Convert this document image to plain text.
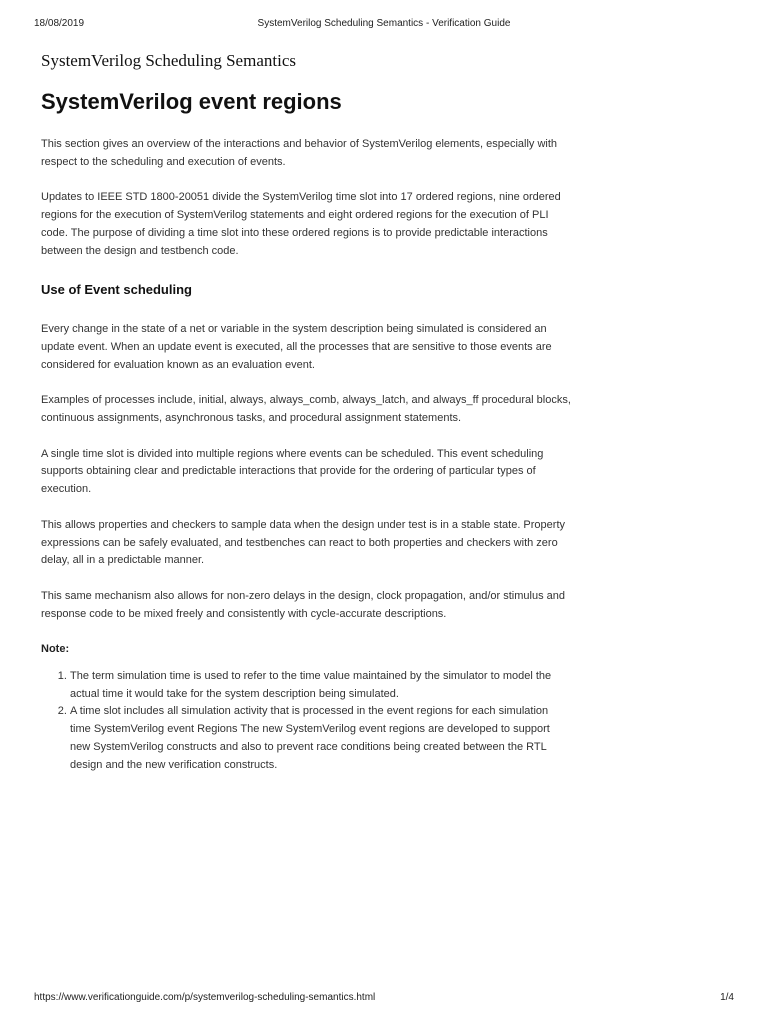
18/08/2019	SystemVerilog Scheduling Semantics - Verification Guide
SystemVerilog Scheduling Semantics
SystemVerilog event regions

This section gives an overview of the interactions and behavior of SystemVerilog elements, especially with respect to the scheduling and execution of events.

Updates to IEEE STD 1800-20051 divide the SystemVerilog time slot into 17 ordered regions, nine ordered regions for the execution of SystemVerilog statements and eight ordered regions for the execution of PLI code. The purpose of dividing a time slot into these ordered regions is to provide predictable interactions between the design and testbench code.

Use of Event scheduling

Every change in the state of a net or variable in the system description being simulated is considered an update event. When an update event is executed, all the processes that are sensitive to those events are considered for evaluation known as an evaluation event.

Examples of processes include, initial, always, always_comb, always_latch, and always_ff procedural blocks, continuous assignments, asynchronous tasks, and procedural assignment statements.

A single time slot is divided into multiple regions where events can be scheduled. This event scheduling supports obtaining clear and predictable interactions that provide for the ordering of particular types of execution.

This allows properties and checkers to sample data when the design under test is in a stable state. Property expressions can be safely evaluated, and testbenches can react to both properties and checkers with zero delay, all in a predictable manner.

This same mechanism also allows for non-zero delays in the design, clock propagation, and/or stimulus and response code to be mixed freely and consistently with cycle-accurate descriptions.

Note:
1. The term simulation time is used to refer to the time value maintained by the simulator to model the actual time it would take for the system description being simulated.
2. A time slot includes all simulation activity that is processed in the event regions for each simulation time SystemVerilog event Regions The new SystemVerilog event regions are developed to support new SystemVerilog constructs and also to prevent race conditions being created between the RTL design and the new verification constructs.
https://www.verificationguide.com/p/systemverilog-scheduling-semantics.html	1/4
